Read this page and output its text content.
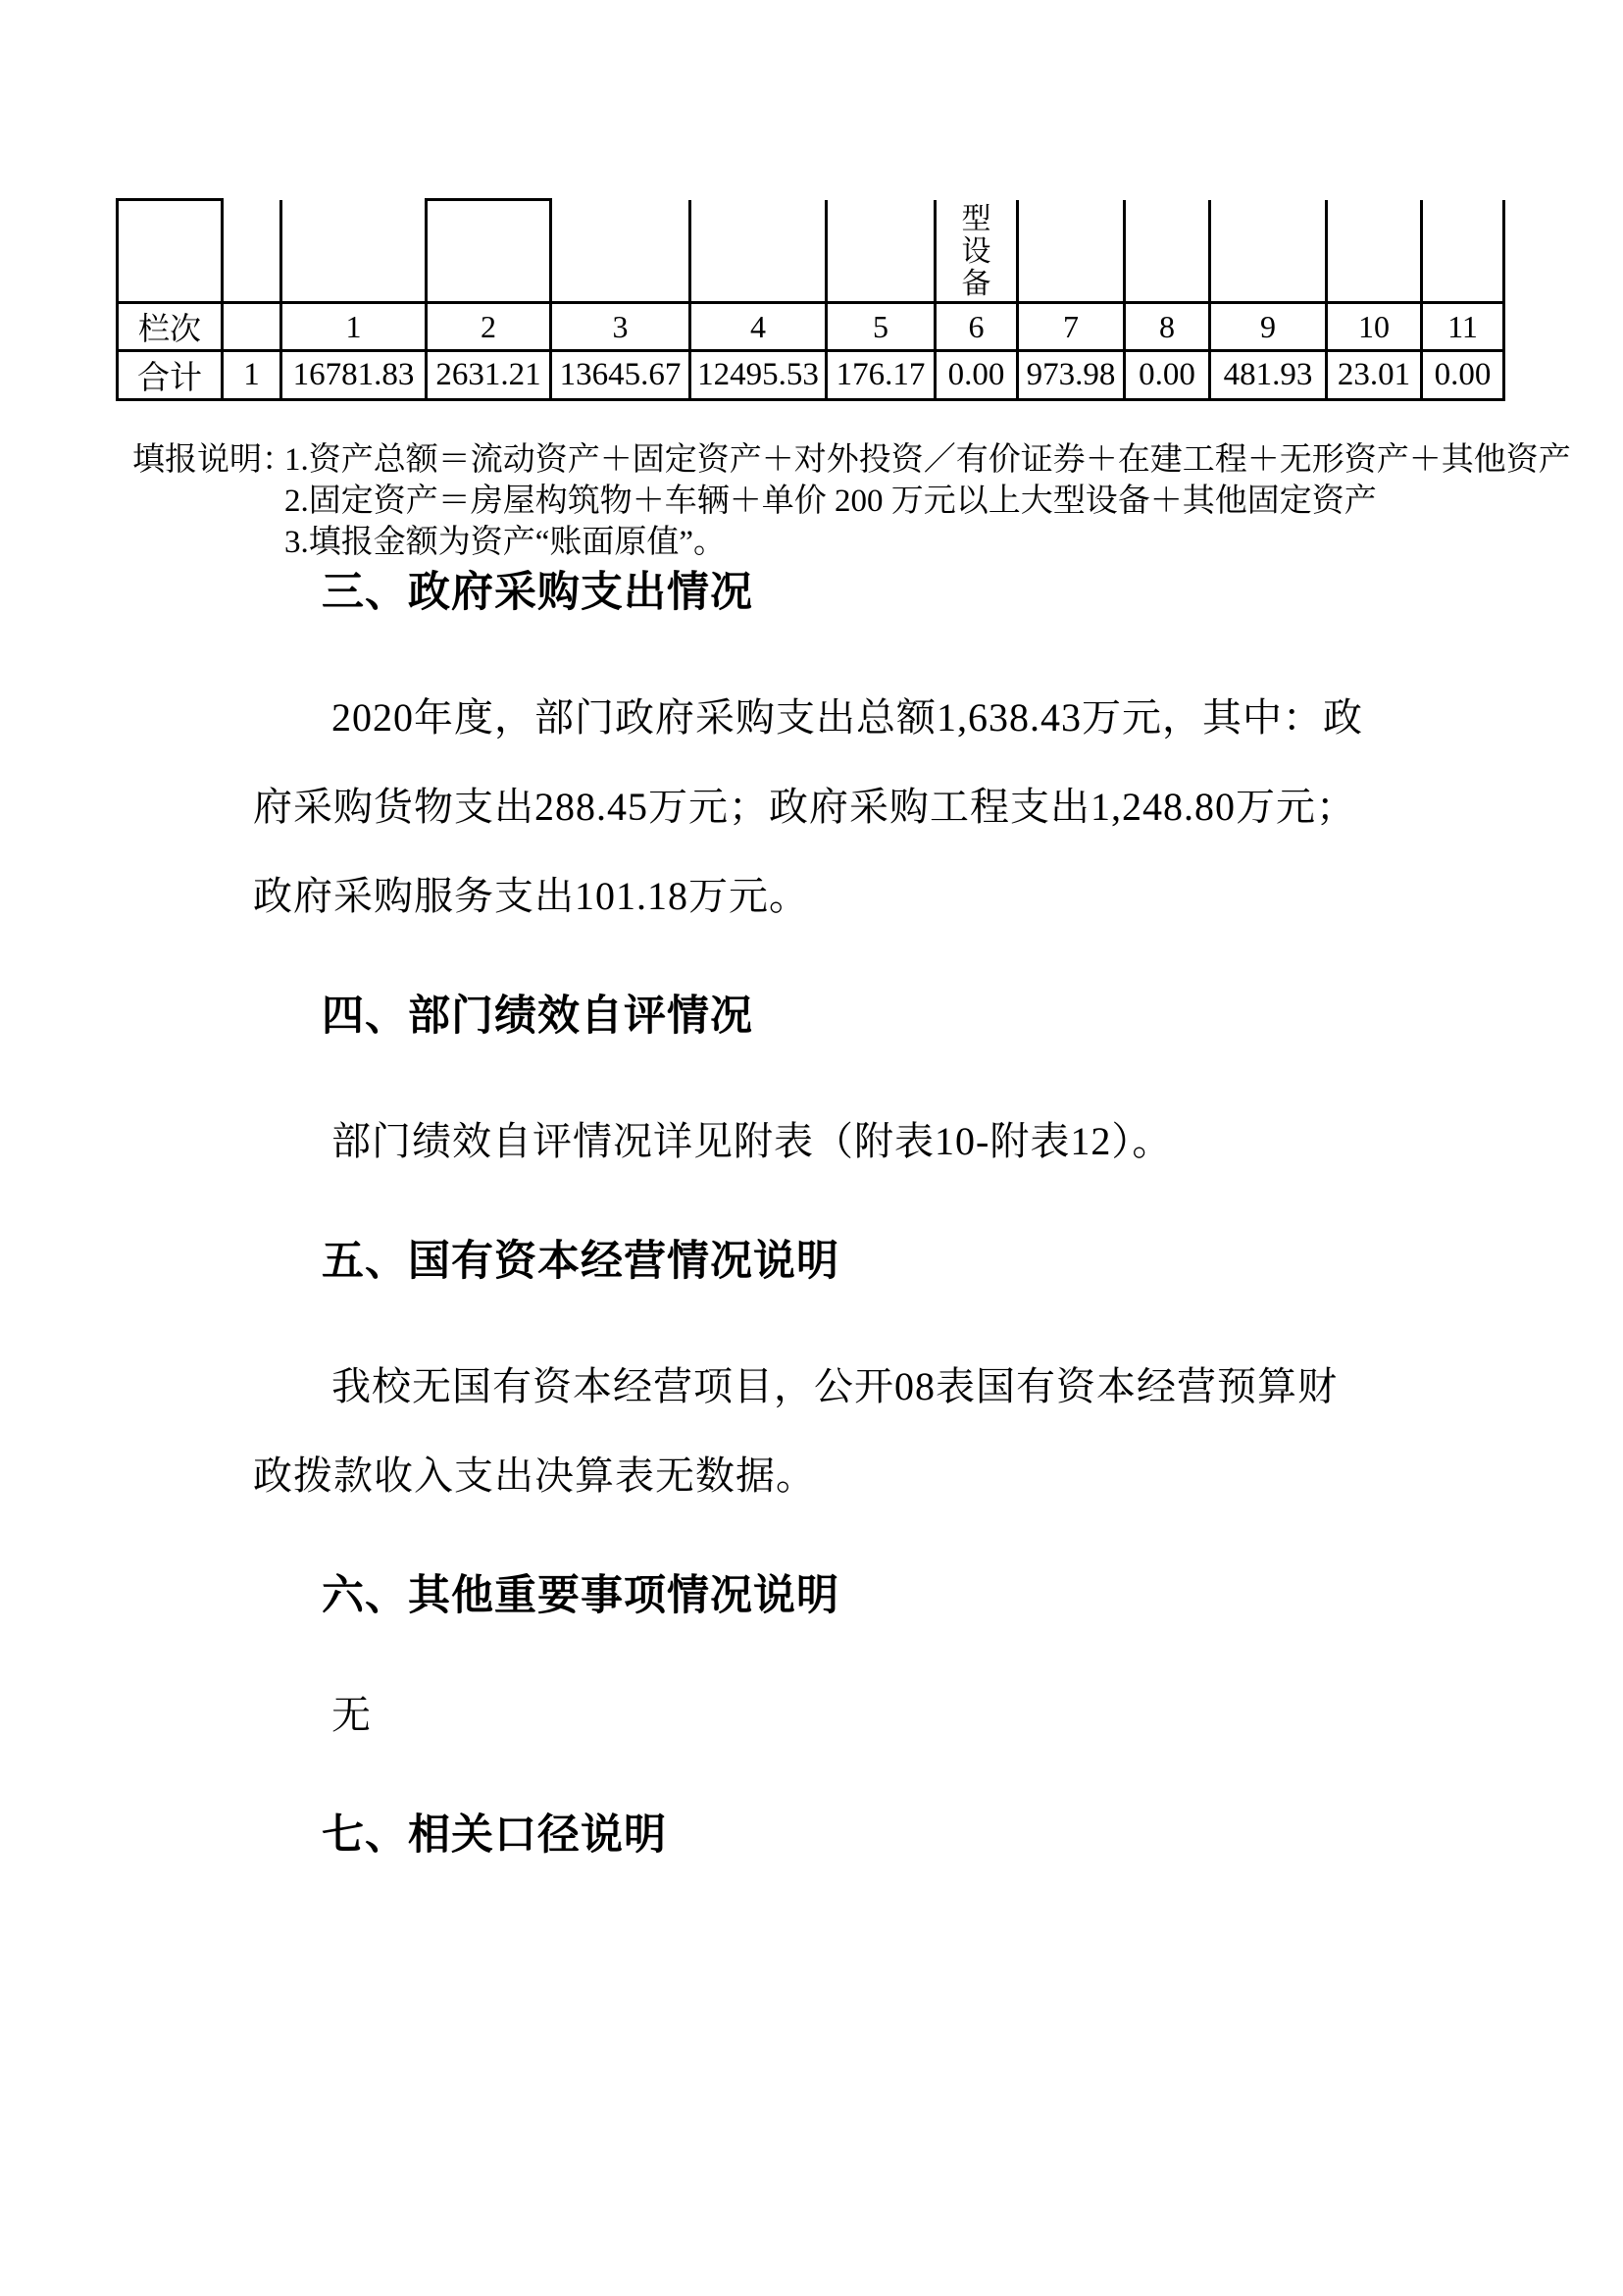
							型设备					

栏次		1	2	3	4	5	6	7	8	9	10	11
合计	1	16781.83	2631.21	13645.67	12495.53	176.17	0.00	973.98	0.00	481.93	23.01	0.00
填报说明：
1.资产总额＝流动资产＋固定资产＋对外投资／有价证券＋在建工程＋无形资产＋其他资产
2.固定资产＝房屋构筑物＋车辆＋单价 200 万元以上大型设备＋其他固定资产
3.填报金额为资产“账面原值”。
三、政府采购支出情况
2020年度，部门政府采购支出总额1,638.43万元，其中：政
府采购货物支出288.45万元；政府采购工程支出1,248.80万元；
政府采购服务支出101.18万元。
四、部门绩效自评情况
部门绩效自评情况详见附表（附表10-附表12）。
五、国有资本经营情况说明
我校无国有资本经营项目，公开08表国有资本经营预算财
政拨款收入支出决算表无数据。
六、其他重要事项情况说明
无
七、相关口径说明
